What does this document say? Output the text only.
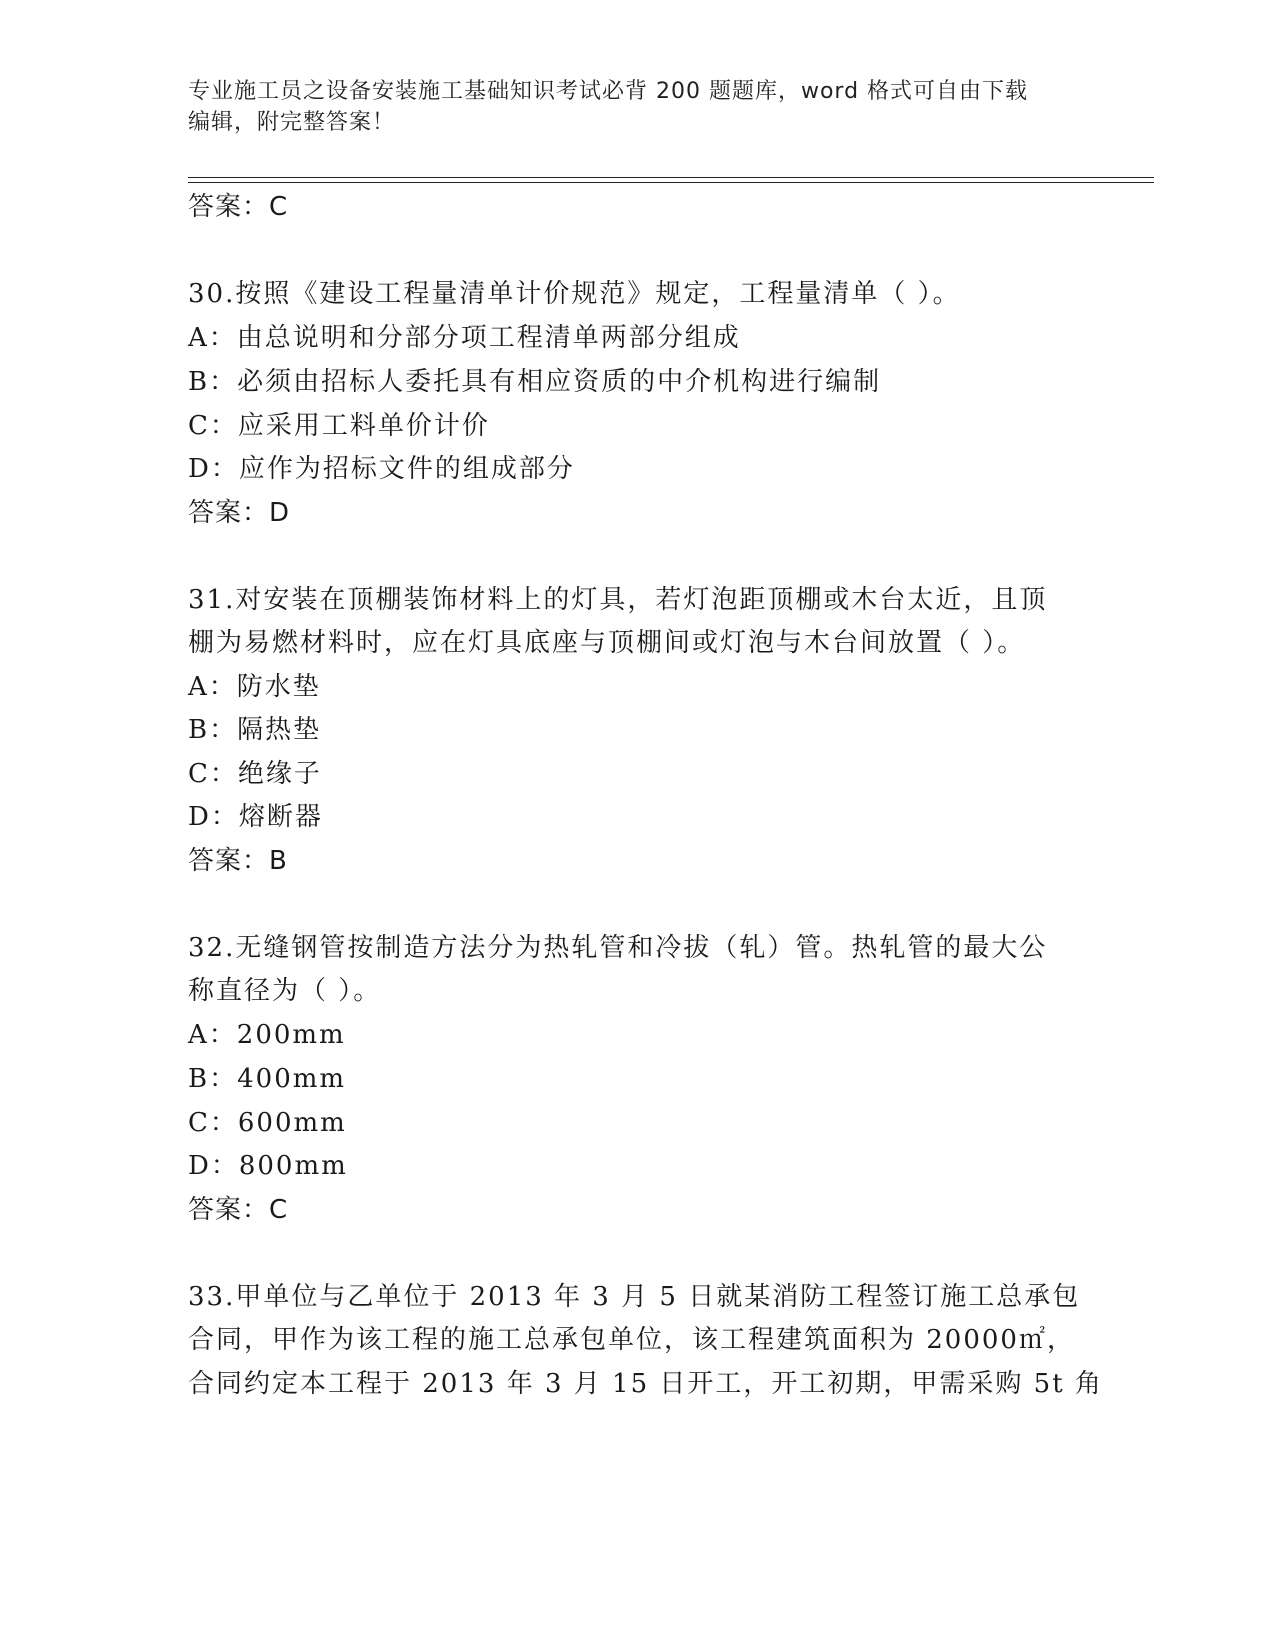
专业施工员之设备安装施工基础知识考试必背 200 题题库，word 格式可自由下载
编辑，附完整答案！
答案：C
30.按照《建设工程量清单计价规范》规定，工程量清单（ ）。
A：由总说明和分部分项工程清单两部分组成
B：必须由招标人委托具有相应资质的中介机构进行编制
C：应采用工料单价计价
D：应作为招标文件的组成部分
答案：D
31.对安装在顶棚装饰材料上的灯具，若灯泡距顶棚或木台太近，且顶
棚为易燃材料时，应在灯具底座与顶棚间或灯泡与木台间放置（ ）。
A：防水垫
B：隔热垫
C：绝缘子
D：熔断器
答案：B
32.无缝钢管按制造方法分为热轧管和冷拔（轧）管。热轧管的最大公
称直径为（ ）。
A：200mm
B：400mm
C：600mm
D：800mm
答案：C
33.甲单位与乙单位于 2013 年 3 月 5 日就某消防工程签订施工总承包
合同，甲作为该工程的施工总承包单位，该工程建筑面积为 20000㎡，
合同约定本工程于 2013 年 3 月 15 日开工，开工初期，甲需采购 5t 角
